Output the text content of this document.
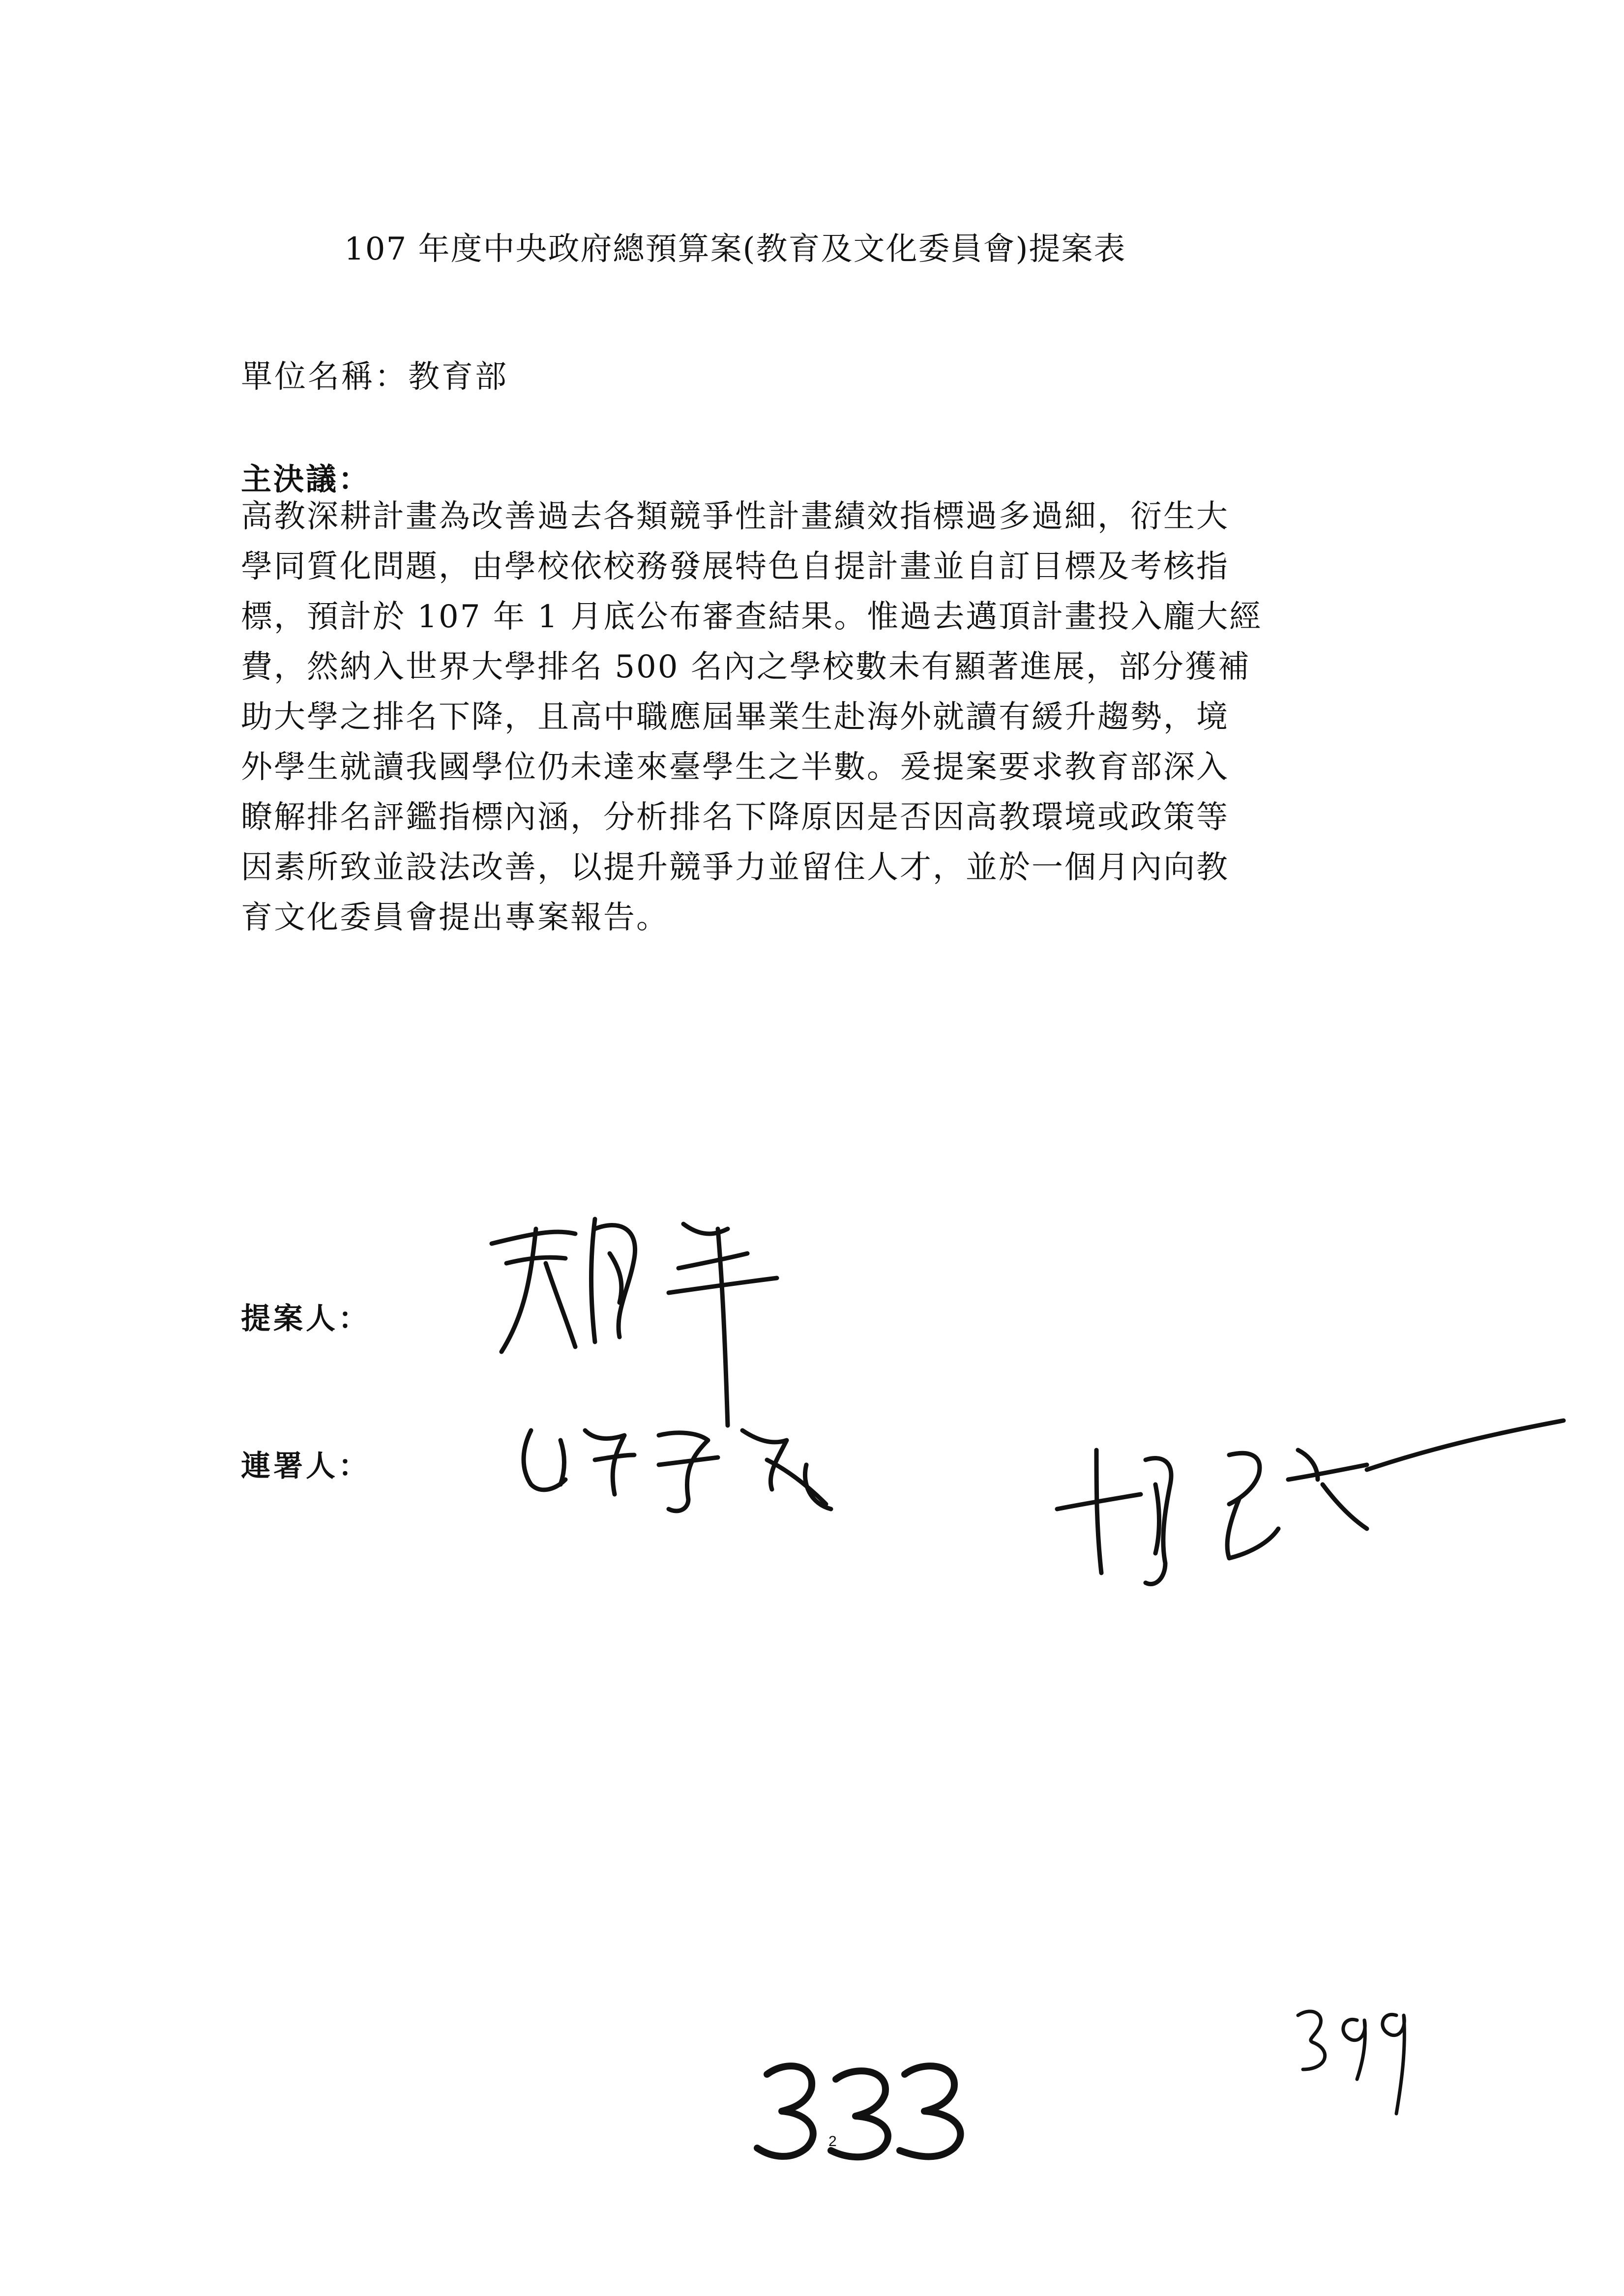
107 年度中央政府總預算案(教育及文化委員會)提案表
單位名稱：教育部
主決議：
高教深耕計畫為改善過去各類競爭性計畫績效指標過多過細，衍生大
學同質化問題，由學校依校務發展特色自提計畫並自訂目標及考核指
標，預計於 107 年 1 月底公布審查結果。惟過去邁頂計畫投入龐大經
費，然納入世界大學排名 500 名內之學校數未有顯著進展，部分獲補
助大學之排名下降，且高中職應屆畢業生赴海外就讀有緩升趨勢，境
外學生就讀我國學位仍未達來臺學生之半數。爰提案要求教育部深入
瞭解排名評鑑指標內涵，分析排名下降原因是否因高教環境或政策等
因素所致並設法改善，以提升競爭力並留住人才，並於一個月內向教
育文化委員會提出專案報告。
提案人：
連署人：
2
